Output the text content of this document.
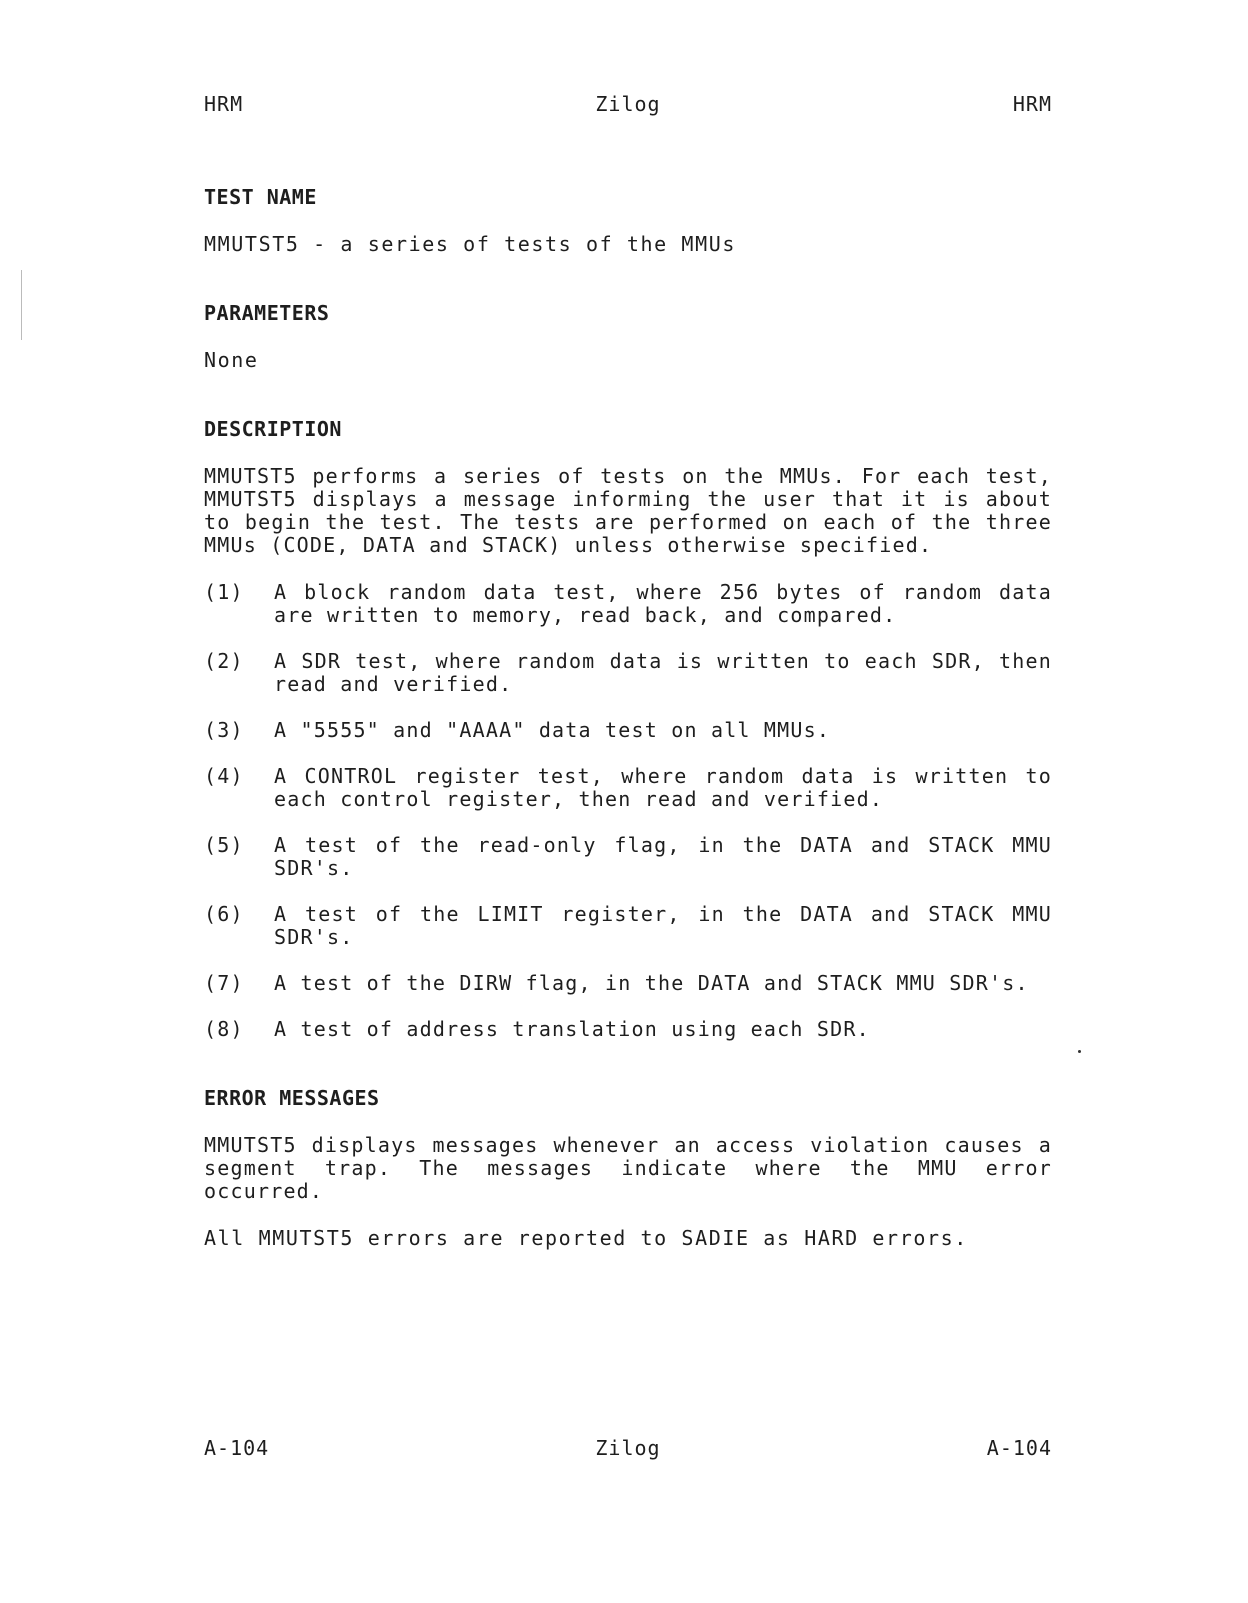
HRM	Zilog	HRM
TEST NAME
MMUTST5 - a series of tests of the MMUs
PARAMETERS
None
DESCRIPTION
MMUTST5 performs a series of tests on the MMUs. For each test, MMUTST5 displays a message informing the user that it is about to begin the test. The tests are performed on each of the three MMUs (CODE, DATA and STACK) unless otherwise specified.
(1)	A block random data test, where 256 bytes of random data are written to memory, read back, and compared.
(2)	A SDR test, where random data is written to each SDR, then read and verified.
(3)	A "5555" and "AAAA" data test on all MMUs.
(4)	A CONTROL register test, where random data is written to each control register, then read and verified.
(5)	A test of the read-only flag, in the DATA and STACK MMU SDR's.
(6)	A test of the LIMIT register, in the DATA and STACK MMU SDR's.
(7)	A test of the DIRW flag, in the DATA and STACK MMU SDR's.
(8)	A test of address translation using each SDR.
ERROR MESSAGES
MMUTST5 displays messages whenever an access violation causes a segment trap. The messages indicate where the MMU error occurred.
All MMUTST5 errors are reported to SADIE as HARD errors.
A-104	Zilog	A-104
